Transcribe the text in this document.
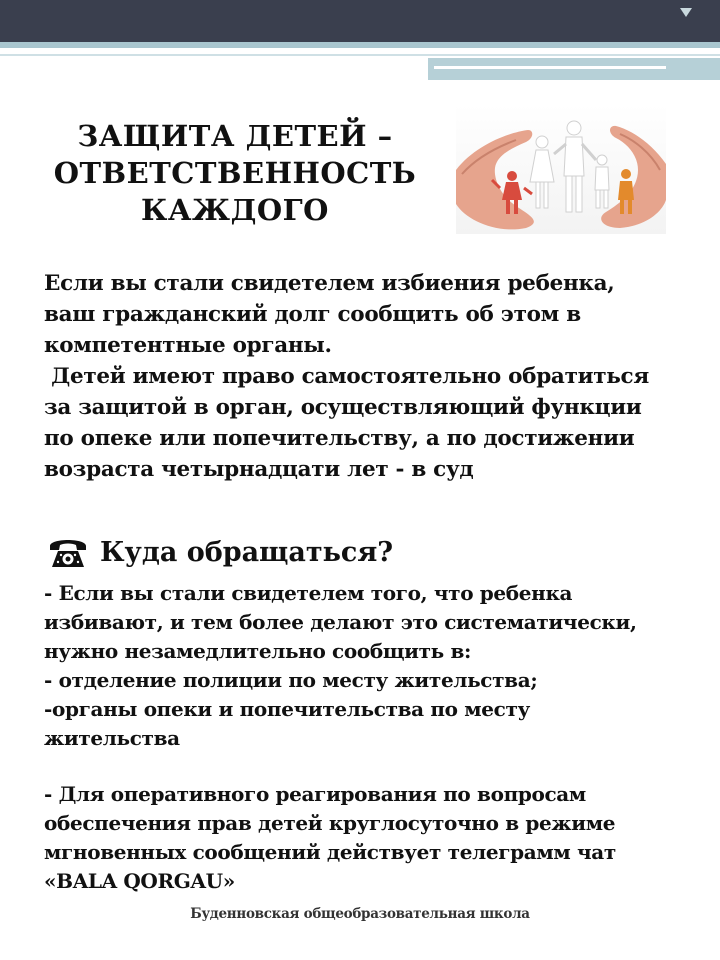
ЗАЩИТА ДЕТЕЙ –
ОТВЕТСТВЕННОСТЬ
КАЖДОГО
Если вы стали свидетелем избиения ребенка,
ваш гражданский долг сообщить об этом в
компетентные органы.
Детей имеют право самостоятельно обратиться
за защитой в орган, осуществляющий функции
по опеке или попечительству, а по достижении
возраста четырнадцати лет - в суд
Куда обращаться?
- Если вы стали свидетелем того, что ребенка
избивают, и тем более делают это систематически,
нужно незамедлительно сообщить в:
- отделение полиции по месту жительства;
-органы опеки и попечительства по месту
жительства
- Для оперативного реагирования по вопросам
обеспечения прав детей круглосуточно в режиме
мгновенных сообщений действует телеграмм чат
«BALA QORGAU»
Буденновская общеобразовательная школа
